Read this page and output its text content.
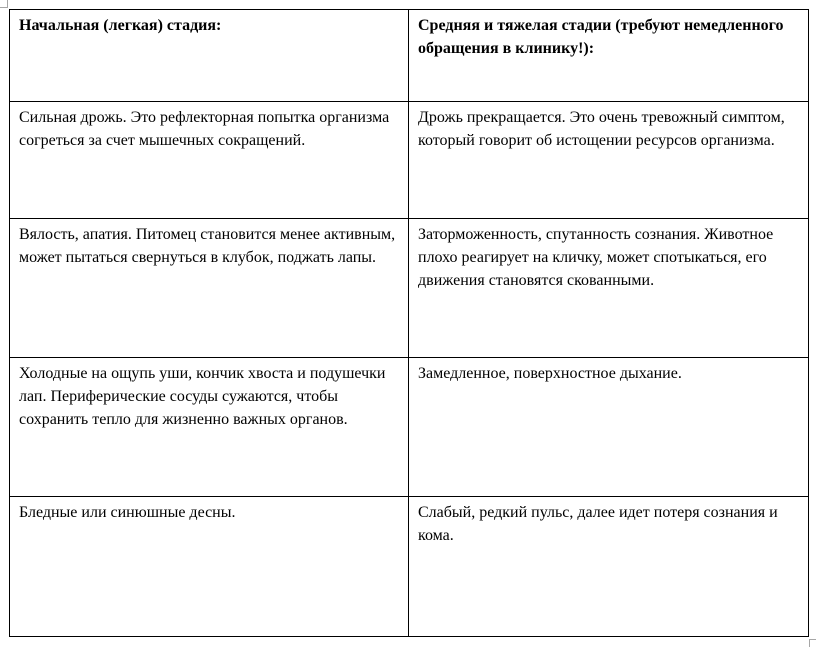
Начальная (легкая) стадия:	Средняя и тяжелая стадии (требуют немедленного обращения в клинику!):
Сильная дрожь. Это рефлекторная попытка организма согреться за счет мышечных сокращений.	Дрожь прекращается. Это очень тревожный симптом, который говорит об истощении ресурсов организма.
Вялость, апатия. Питомец становится менее активным, может пытаться свернуться в клубок, поджать лапы.	Заторможенность, спутанность сознания. Животное плохо реагирует на кличку, может спотыкаться, его движения становятся скованными.
Холодные на ощупь уши, кончик хвоста и подушечки лап. Периферические сосуды сужаются, чтобы сохранить тепло для жизненно важных органов.	Замедленное, поверхностное дыхание.
Бледные или синюшные десны.	Слабый, редкий пульс, далее идет потеря сознания и кома.
